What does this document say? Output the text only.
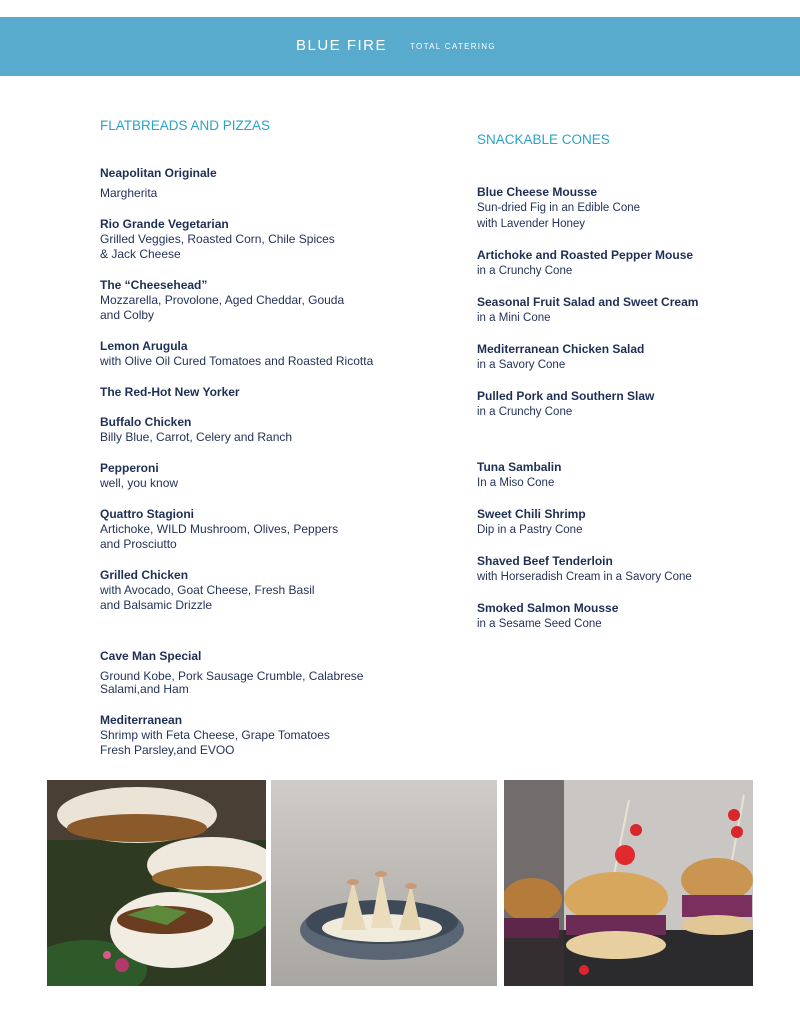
BLUE FIRE	TOTAL CATERING
FLATBREADS AND PIZZAS
SNACKABLE CONES
Neapolitan Originale
Margherita
Rio Grande Vegetarian
Grilled Veggies, Roasted Corn, Chile Spices
& Jack Cheese
The “Cheesehead”
Mozzarella, Provolone, Aged Cheddar, Gouda
and Colby
Lemon Arugula
with Olive Oil Cured Tomatoes and Roasted Ricotta
The Red-Hot New Yorker
Buffalo Chicken
Billy Blue, Carrot, Celery and Ranch
Pepperoni
well, you know
Quattro Stagioni
Artichoke, WILD Mushroom, Olives, Peppers
and Prosciutto
Grilled Chicken
with Avocado, Goat Cheese, Fresh Basil
and Balsamic Drizzle
Cave Man Special
Ground Kobe, Pork Sausage Crumble, Calabrese
Salami,and Ham
Mediterranean
Shrimp with Feta Cheese, Grape Tomatoes
Fresh Parsley,and EVOO
Blue Cheese Mousse
Sun-dried Fig in an Edible Cone
with Lavender Honey
Artichoke and Roasted Pepper Mouse
in a Crunchy Cone
Seasonal Fruit Salad and Sweet Cream
in a Mini Cone
Mediterranean Chicken Salad
in a Savory Cone
Pulled Pork and Southern Slaw
in a Crunchy Cone
Tuna Sambalin
In a Miso Cone
Sweet Chili Shrimp
Dip in a Pastry Cone
Shaved Beef Tenderloin
with Horseradish Cream in a Savory Cone
Smoked Salmon Mousse
in a Sesame Seed Cone
